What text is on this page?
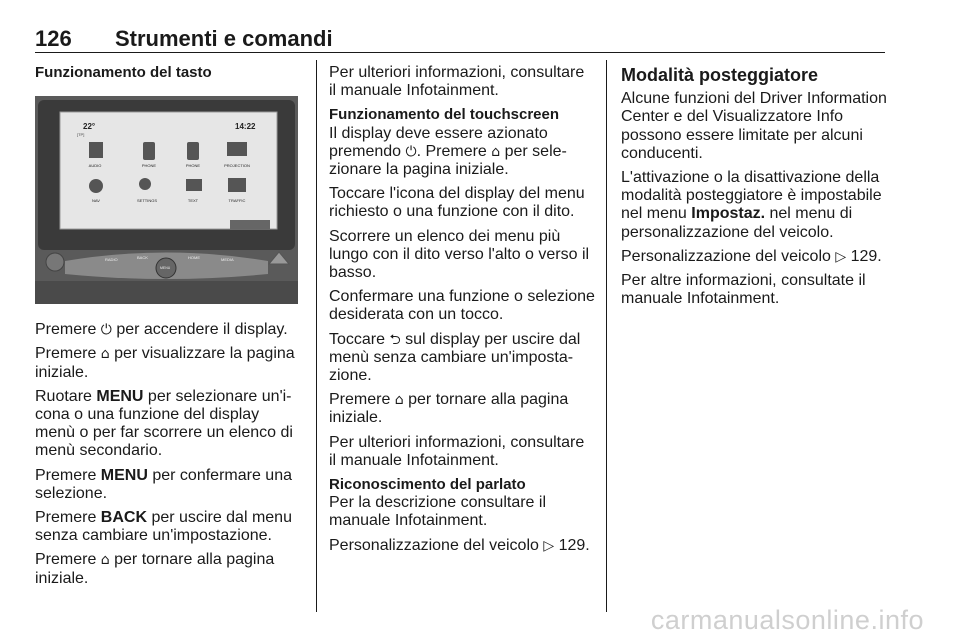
126 Strumenti e comandi

Funzionamento del tasto

22°
[TP]
14:22
AUDIO	PHONE	PHONE	PROJECTION
NAV	SETTINGS	TEXT	TRAFFIC
RADIO	BACK	HOME	MEDIA
MENU

Premere ⏻ per accendere il display.

Premere ⌂ per visualizzare la pagina iniziale.

Ruotare MENU per selezionare un'i-cona o una funzione del display menù o per far scorrere un elenco di menù secondario.

Premere MENU per confermare una selezione.

Premere BACK per uscire dal menu senza cambiare un'impostazione.

Premere ⌂ per tornare alla pagina iniziale.

Per ulteriori informazioni, consultare il manuale Infotainment.

Funzionamento del touchscreen

Il display deve essere azionato premendo ⏻. Premere ⌂ per sele-zionare la pagina iniziale.

Toccare l'icona del display del menu richiesto o una funzione con il dito.

Scorrere un elenco dei menu più lungo con il dito verso l'alto o verso il basso.

Confermare una funzione o selezione desiderata con un tocco.

Toccare ⮌ sul display per uscire dal menù senza cambiare un'imposta-zione.

Premere ⌂ per tornare alla pagina iniziale.

Per ulteriori informazioni, consultare il manuale Infotainment.

Riconoscimento del parlato

Per la descrizione consultare il manuale Infotainment.

Personalizzazione del veicolo ▷ 129.

Modalità posteggiatore

Alcune funzioni del Driver Information Center e del Visualizzatore Info possono essere limitate per alcuni conducenti.

L'attivazione o la disattivazione della modalità posteggiatore è impostabile nel menu Impostaz. nel menu di personalizzazione del veicolo.

Personalizzazione del veicolo ▷ 129.

Per altre informazioni, consultate il manuale Infotainment.

carmanualsonline.info
